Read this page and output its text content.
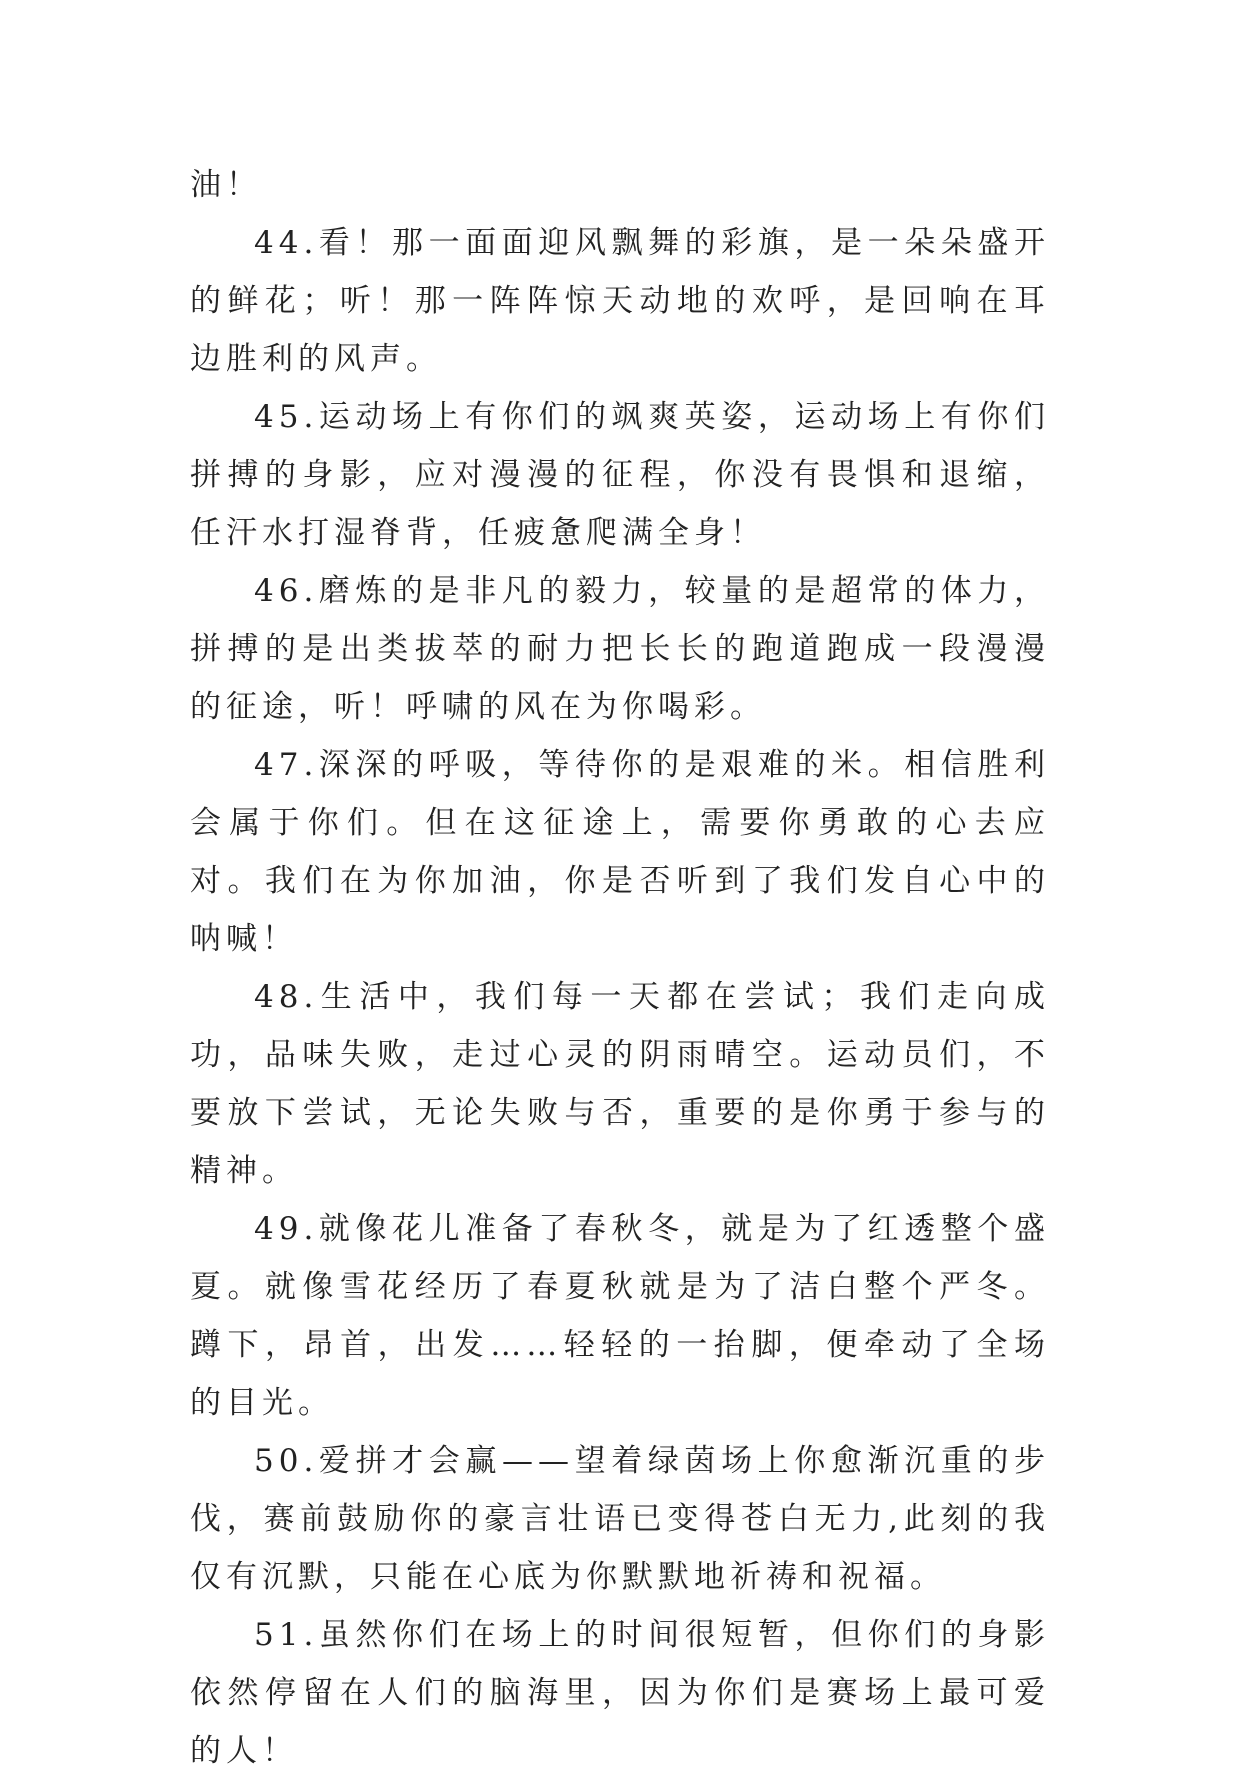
油！

44.看！那一面面迎风飘舞的彩旗，是一朵朵盛开的鲜花；听！那一阵阵惊天动地的欢呼，是回响在耳边胜利的风声。

45.运动场上有你们的飒爽英姿，运动场上有你们拼搏的身影，应对漫漫的征程，你没有畏惧和退缩，任汗水打湿脊背，任疲惫爬满全身！

46.磨炼的是非凡的毅力，较量的是超常的体力，拼搏的是出类拔萃的耐力把长长的跑道跑成一段漫漫的征途，听！呼啸的风在为你喝彩。

47.深深的呼吸，等待你的是艰难的米。相信胜利会属于你们。但在这征途上，需要你勇敢的心去应对。我们在为你加油，你是否听到了我们发自心中的呐喊！

48.生活中，我们每一天都在尝试；我们走向成功，品味失败，走过心灵的阴雨晴空。运动员们，不要放下尝试，无论失败与否，重要的是你勇于参与的精神。

49.就像花儿准备了春秋冬，就是为了红透整个盛夏。就像雪花经历了春夏秋就是为了洁白整个严冬。蹲下，昂首，出发……轻轻的一抬脚，便牵动了全场的目光。

50.爱拼才会赢——望着绿茵场上你愈渐沉重的步伐，赛前鼓励你的豪言壮语已变得苍白无力,此刻的我仅有沉默，只能在心底为你默默地祈祷和祝福。

51.虽然你们在场上的时间很短暂，但你们的身影依然停留在人们的脑海里，因为你们是赛场上最可爱的人！
